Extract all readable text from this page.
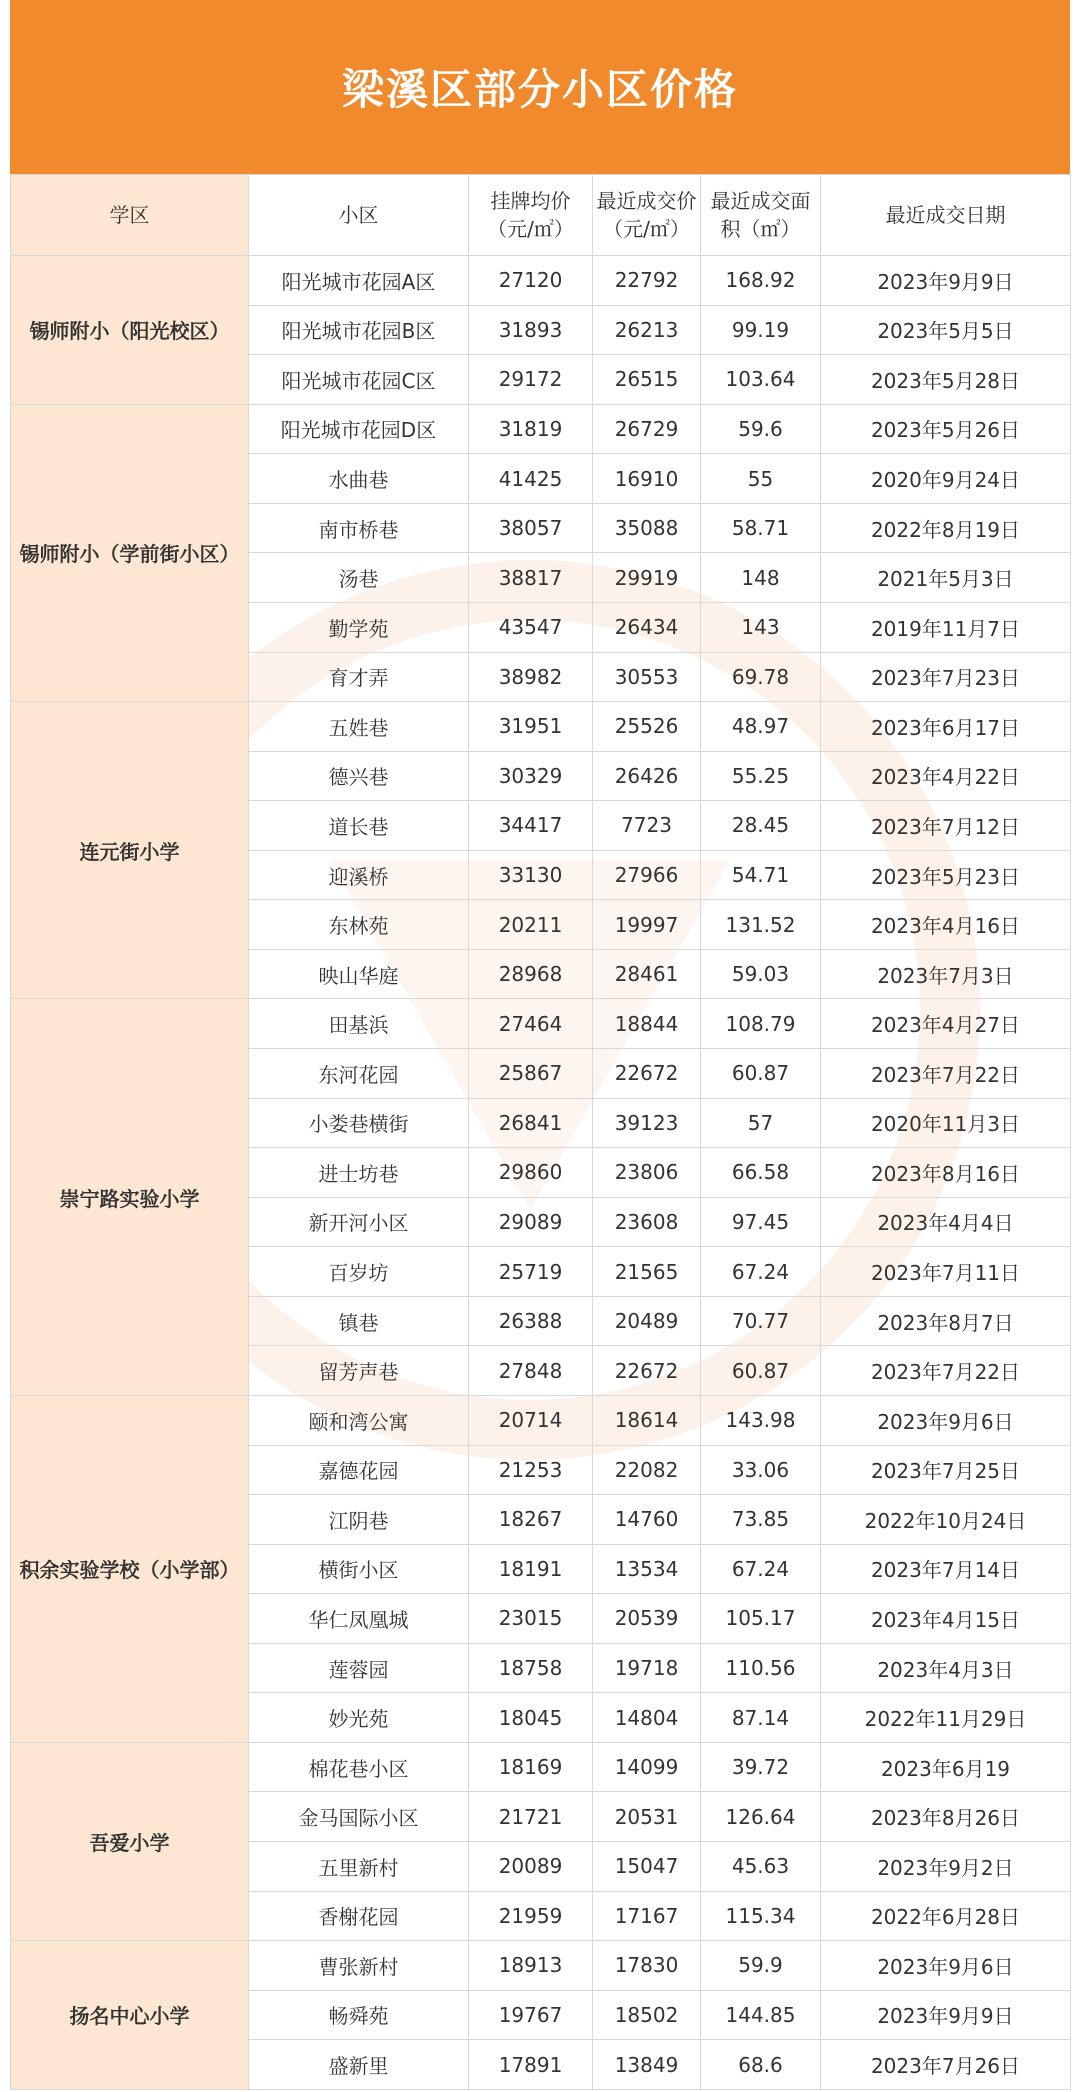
梁溪区部分小区价格
学区	小区	挂牌均价（元/㎡）	最近成交价（元/㎡）	最近成交面积（㎡）	最近成交日期
锡师附小（阳光校区）	阳光城市花园A区	27120	22792	168.92	2023年9月9日
	阳光城市花园B区	31893	26213	99.19	2023年5月5日
	阳光城市花园C区	29172	26515	103.64	2023年5月28日
锡师附小（学前街小区）	阳光城市花园D区	31819	26729	59.6	2023年5月26日
	水曲巷	41425	16910	55	2020年9月24日
	南市桥巷	38057	35088	58.71	2022年8月19日
	汤巷	38817	29919	148	2021年5月3日
	勤学苑	43547	26434	143	2019年11月7日
	育才弄	38982	30553	69.78	2023年7月23日
连元街小学	五姓巷	31951	25526	48.97	2023年6月17日
	德兴巷	30329	26426	55.25	2023年4月22日
	道长巷	34417	7723	28.45	2023年7月12日
	迎溪桥	33130	27966	54.71	2023年5月23日
	东林苑	20211	19997	131.52	2023年4月16日
	映山华庭	28968	28461	59.03	2023年7月3日
崇宁路实验小学	田基浜	27464	18844	108.79	2023年4月27日
	东河花园	25867	22672	60.87	2023年7月22日
	小娄巷横街	26841	39123	57	2020年11月3日
	进士坊巷	29860	23806	66.58	2023年8月16日
	新开河小区	29089	23608	97.45	2023年4月4日
	百岁坊	25719	21565	67.24	2023年7月11日
	镇巷	26388	20489	70.77	2023年8月7日
	留芳声巷	27848	22672	60.87	2023年7月22日
积余实验学校（小学部）	颐和湾公寓	20714	18614	143.98	2023年9月6日
	嘉德花园	21253	22082	33.06	2023年7月25日
	江阴巷	18267	14760	73.85	2022年10月24日
	横街小区	18191	13534	67.24	2023年7月14日
	华仁凤凰城	23015	20539	105.17	2023年4月15日
	莲蓉园	18758	19718	110.56	2023年4月3日
	妙光苑	18045	14804	87.14	2022年11月29日
吾爱小学	棉花巷小区	18169	14099	39.72	2023年6月19
	金马国际小区	21721	20531	126.64	2023年8月26日
	五里新村	20089	15047	45.63	2023年9月2日
	香榭花园	21959	17167	115.34	2022年6月28日
扬名中心小学	曹张新村	18913	17830	59.9	2023年9月6日
	畅舜苑	19767	18502	144.85	2023年9月9日
	盛新里	17891	13849	68.6	2023年7月26日
